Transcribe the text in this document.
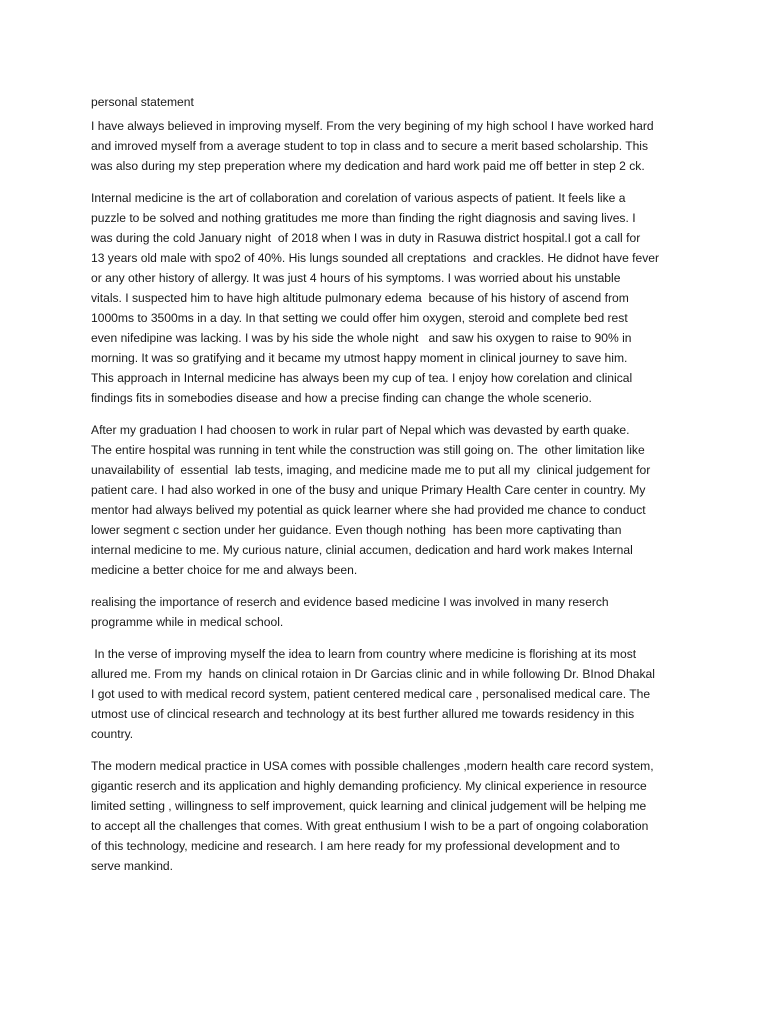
personal statement

I have always believed in improving myself. From the very begining of my high school I have worked hard
and imroved myself from a average student to top in class and to secure a merit based scholarship. This
was also during my step preperation where my dedication and hard work paid me off better in step 2 ck.

Internal medicine is the art of collaboration and corelation of various aspects of patient. It feels like a
puzzle to be solved and nothing gratitudes me more than finding the right diagnosis and saving lives. I
was during the cold January night  of 2018 when I was in duty in Rasuwa district hospital.I got a call for
13 years old male with spo2 of 40%. His lungs sounded all creptations  and crackles. He didnot have fever
or any other history of allergy. It was just 4 hours of his symptoms. I was worried about his unstable
vitals. I suspected him to have high altitude pulmonary edema  because of his history of ascend from
1000ms to 3500ms in a day. In that setting we could offer him oxygen, steroid and complete bed rest
even nifedipine was lacking. I was by his side the whole night   and saw his oxygen to raise to 90% in
morning. It was so gratifying and it became my utmost happy moment in clinical journey to save him.
This approach in Internal medicine has always been my cup of tea. I enjoy how corelation and clinical
findings fits in somebodies disease and how a precise finding can change the whole scenerio.

After my graduation I had choosen to work in rular part of Nepal which was devasted by earth quake.
The entire hospital was running in tent while the construction was still going on. The  other limitation like
unavailability of  essential  lab tests, imaging, and medicine made me to put all my  clinical judgement for
patient care. I had also worked in one of the busy and unique Primary Health Care center in country. My
mentor had always belived my potential as quick learner where she had provided me chance to conduct
lower segment c section under her guidance. Even though nothing  has been more captivating than
internal medicine to me. My curious nature, clinial accumen, dedication and hard work makes Internal
medicine a better choice for me and always been.

realising the importance of reserch and evidence based medicine I was involved in many reserch
programme while in medical school.

In the verse of improving myself the idea to learn from country where medicine is florishing at its most
allured me. From my  hands on clinical rotaion in Dr Garcias clinic and in while following Dr. BInod Dhakal
I got used to with medical record system, patient centered medical care , personalised medical care. The
utmost use of clincical research and technology at its best further allured me towards residency in this
country.

The modern medical practice in USA comes with possible challenges ,modern health care record system,
gigantic reserch and its application and highly demanding proficiency. My clinical experience in resource
limited setting , willingness to self improvement, quick learning and clinical judgement will be helping me
to accept all the challenges that comes. With great enthusium I wish to be a part of ongoing colaboration
of this technology, medicine and research. I am here ready for my professional development and to
serve mankind.
